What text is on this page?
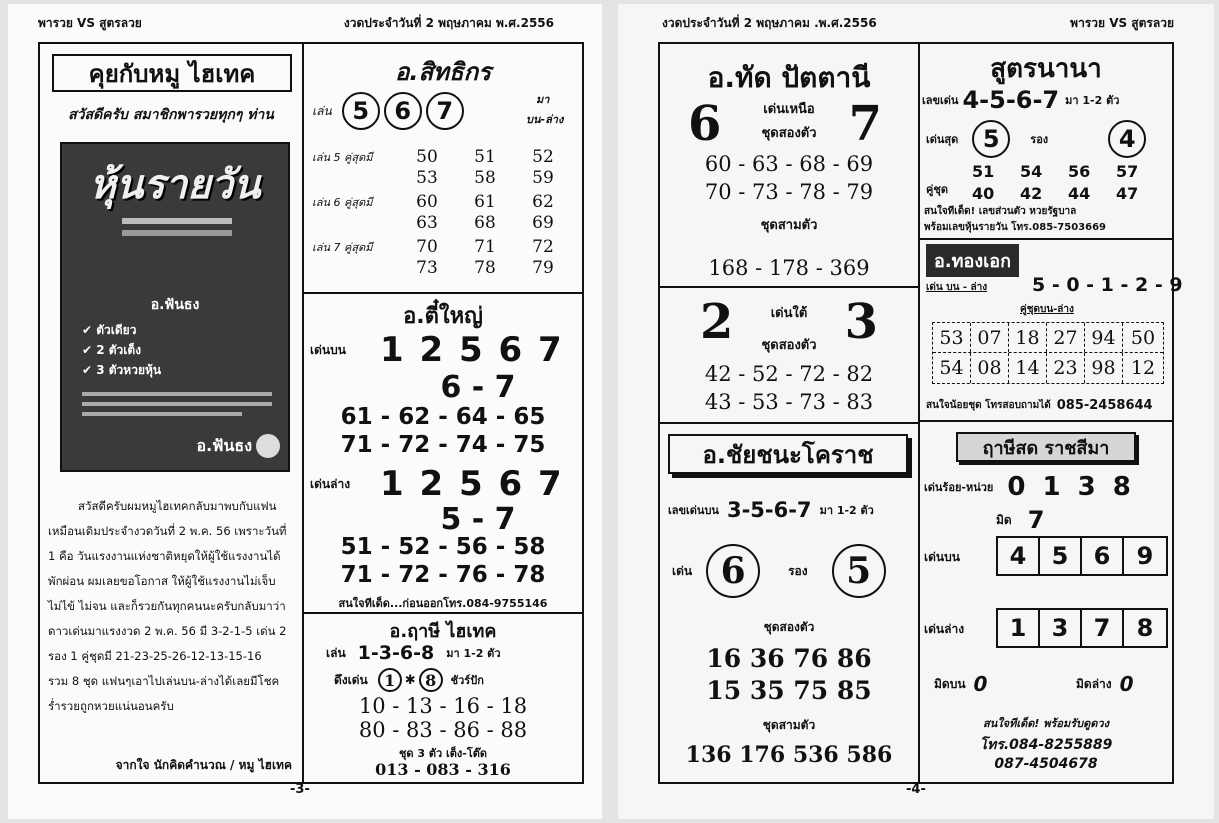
พารวย VS สูตรลวย	งวดประจำวันที่ 2 พฤษภาคม พ.ศ.2556
คุยกับหมู ไฮเทค
สวัสดีครับ สมาชิกพารวยทุกๆ ท่าน
หุ้นรายวัน
อ.ฟันธง
✔ ตัวเดียว
✔ 2 ตัวเต็ง
✔ 3 ตัวหวยหุ้น
อ.ฟันธง
สวัสดีครับผมหมูไฮเทคกลับมาพบกับแฟน
เหมือนเดิมประจำงวดวันที่ 2 พ.ค. 56 เพราะวันที่
1 คือ วันแรงงานแห่งชาติหยุดให้ผู้ใช้แรงงานได้
พักผ่อน ผมเลยขอโอกาส ให้ผู้ใช้แรงงานไม่เจ็บ
ไม่ไข้ ไม่จน และก็รวยกันทุกคนนะครับกลับมาว่า
ดาวเด่นมาแรงงวด 2 พ.ค. 56 มี 3-2-1-5 เด่น 2
รอง 1 คู่ชุดมี 21-23-25-26-12-13-15-16
รวม 8 ชุด แฟนๆเอาไปเล่นบน-ล่างได้เลยมีโชค
ร่ำรวยถูกหวยแน่นอนครับ
จากใจ นักคิดคำนวณ / หมู ไฮเทค
อ.สิทธิกร
เล่น 5	6	7	มา
บน-ล่าง
เล่น 5 คู่สุดมี	50	51	52
53	58	59
เล่น 6 คู่สุดมี	60	61	62
63	68	69
เล่น 7 คู่สุดมี	70	71	72
73	78	79
อ.ตี๋ใหญ่
เด่นบน	1 2 5 6 7
6 - 7
61 - 62 - 64 - 65
71 - 72 - 74 - 75
เด่นล่าง 1 2 5 6 7
5 - 7
51 - 52 - 56 - 58
71 - 72 - 76 - 78
สนใจทีเด็ด...ก่อนออกโทร.084-9755146
อ.ฤาษี ไฮเทค
เล่น 1-3-6-8 มา 1-2 ตัว
ดึงเด่น	1 ✱ 8	ชัวร์ปัก
10 - 13 - 16 - 18
80 - 83 - 86 - 88
ชุด 3 ตัว เต็ง-โต๊ด
013 - 083 - 316
-3-
งวดประจำวันที่ 2 พฤษภาคม .พ.ศ.2556	พารวย VS สูตรลวย
อ.ทัด ปัตตานี
6	7
เด่นเหนือ
ชุดสองตัว
60 - 63 - 68 - 69
70 - 73 - 78 - 79
ชุดสามตัว
168 - 178 - 369
2 3
เด่นใต้
ชุดสองตัว
42 - 52 - 72 - 82
43 - 53 - 73 - 83
สูตรนานา
เลขเด่น 4-5-6-7 มา 1-2 ตัว
เด่นสุด	5	รอง	4
คู่ชุด
51	54	56	57
40	42	44	47
สนใจทีเด็ด! เลขส่วนตัว หวยรัฐบาล
พร้อมเลขหุ้นรายวัน โทร.085-7503669
อ.ทองเอก
เด่น บน - ล่าง 5 - 0 - 1 - 2 - 9
คู่ชุดบน-ล่าง
53 07 18 27 94 50
54 08 14 23 98 12
สนใจน้อยชุด โทรสอบถามได้ 085-2458644
อ.ชัยชนะโคราช
เลขเด่นบน 3-5-6-7 มา 1-2 ตัว
เด่น 6	รอง	5
ชุดสองตัว
16 36 76 86
15 35 75 85
ชุดสามตัว
136 176 536 586
ฤาษีสด ราชสีมา
เด่นร้อย-หน่วย 0 1 3 8
มิด 7
เด่นบน	4	5	6	9
เด่นล่าง	1	3	7	8
มิดบน 0	มิดล่าง 0
สนใจทีเด็ด! พร้อมรับดูดวง
โทร.084-8255889
087-4504678
-4-
